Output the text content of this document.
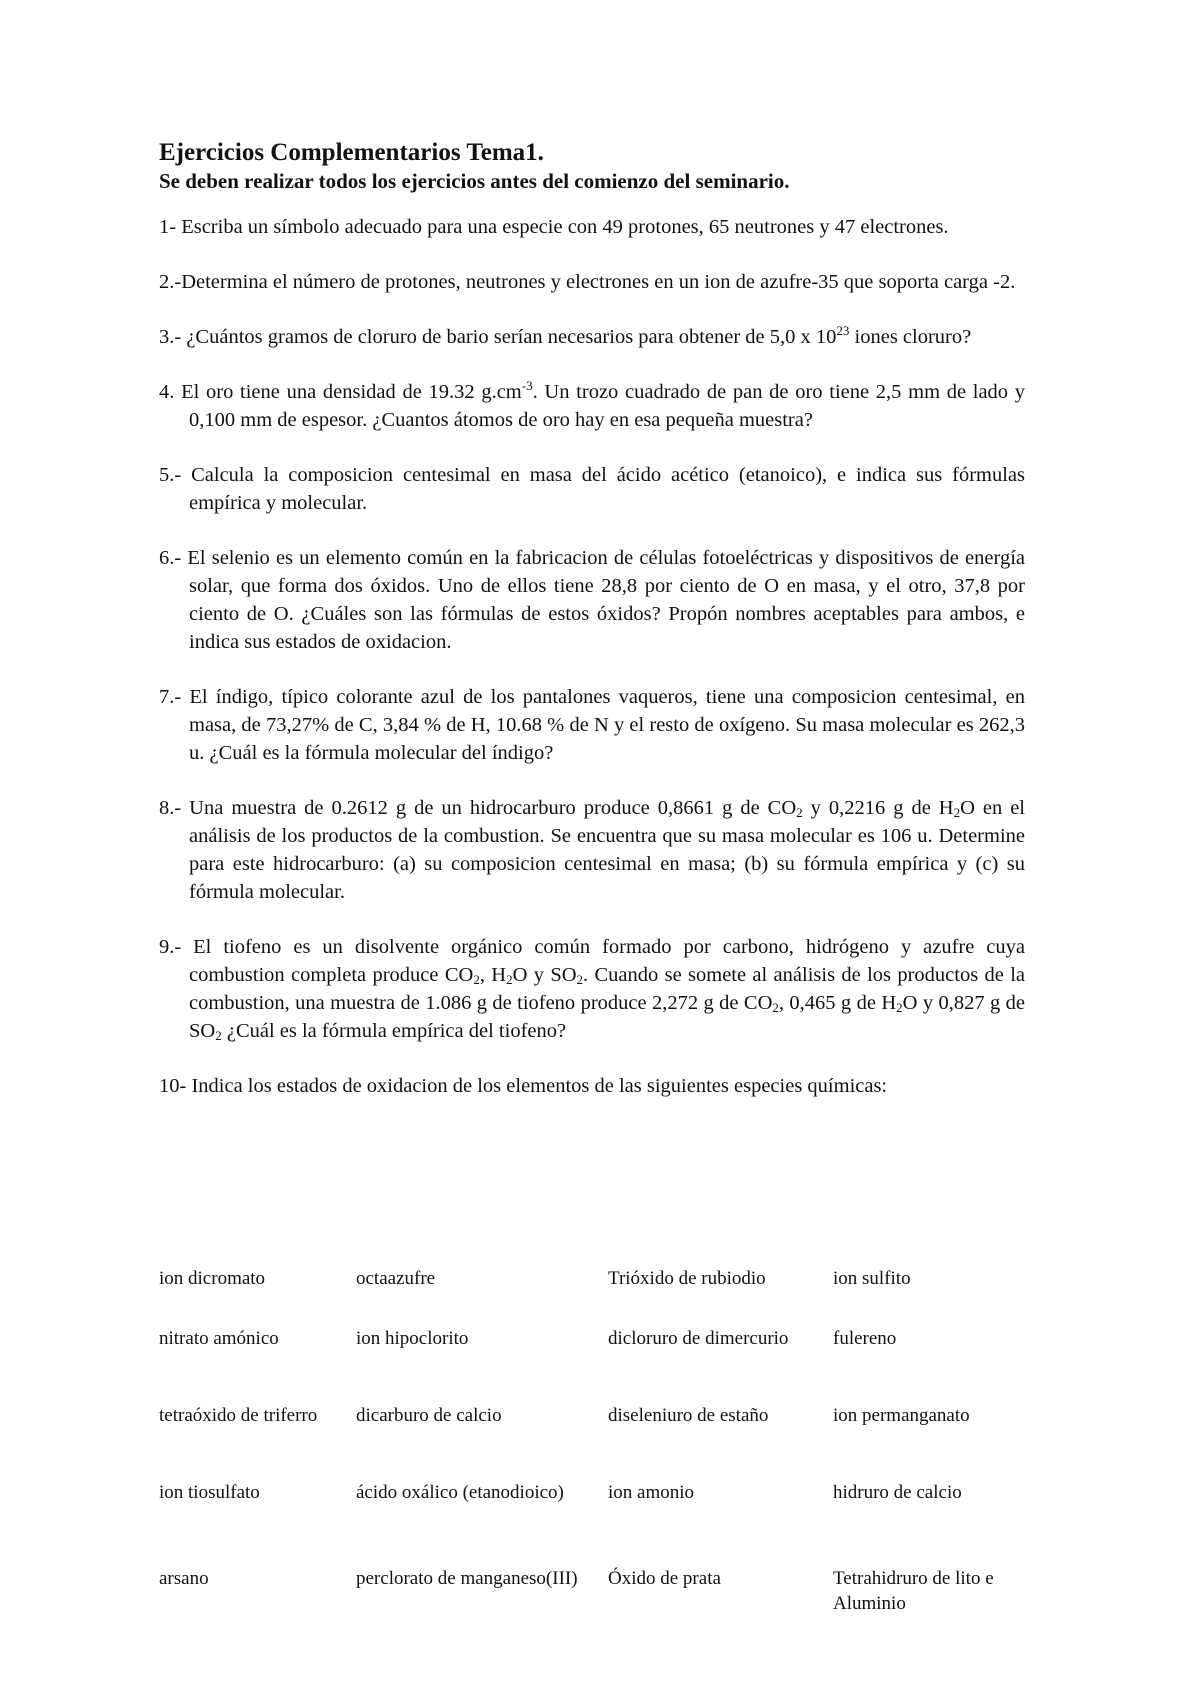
Ejercicios Complementarios Tema1.

Se deben realizar todos los ejercicios antes del comienzo del seminario.

1- Escriba un símbolo adecuado para una especie con 49 protones, 65 neutrones y 47 electrones.
2.-Determina el número de protones, neutrones y electrones en un ion de azufre-35 que soporta carga -2.
3.- ¿Cuántos gramos de cloruro de bario serían necesarios para obtener de 5,0 x $10^{23}$ iones cloruro?
4. El oro tiene una densidad de 19.32 $g.cm^{-3}$. Un trozo cuadrado de pan de oro tiene 2,5 mm de lado y 0,100 mm de espesor. ¿Cuantos átomos de oro hay en esa pequeña muestra?
5.- Calcula la composicion centesimal en masa del ácido acético (etanoico), e indica sus fórmulas empírica y molecular.
6.- El selenio es un elemento común en la fabricacion de células fotoeléctricas y dispositivos de energía solar, que forma dos óxidos. Uno de ellos tiene 28,8 por ciento de O en masa, y el otro, 37,8 por ciento de O. ¿Cuáles son las fórmulas de estos óxidos? Propón nombres aceptables para ambos, e indica sus estados de oxidacion.
7.- El índigo, típico colorante azul de los pantalones vaqueros, tiene una composicion centesimal, en masa, de 73,27% de C, 3,84 % de H, 10.68 % de N y el resto de oxígeno. Su masa molecular es 262,3 u. ¿Cuál es la fórmula molecular del índigo?
8.- Una muestra de 0.2612 g de un hidrocarburo produce 0,8661 g de $CO_2$ y 0,2216 g de $H_2O$ en el análisis de los productos de la combustion. Se encuentra que su masa molecular es 106 u. Determine para este hidrocarburo: (a) su composicion centesimal en masa; (b) su fórmula empírica y (c) su fórmula molecular.
9.- El tiofeno es un disolvente orgánico común formado por carbono, hidrógeno y azufre cuya combustion completa produce $CO_2$, $H_2O$ y $SO_2$. Cuando se somete al análisis de los productos de la combustion, una muestra de 1.086 g de tiofeno produce 2,272 g de $CO_2$, 0,465 g de $H_2O$ y 0,827 g de $SO_2$ ¿Cuál es la fórmula empírica del tiofeno?
10- Indica los estados de oxidacion de los elementos de las siguientes especies químicas:
ion dicromato	octaazufre	Trióxido de rubiodio	ion sulfito
nitrato amónico	ion hipoclorito	dicloruro de dimercurio	fulereno
tetraóxido de triferro	dicarburo de calcio	diseleniuro de estaño	ion permanganato
ion tiosulfato	ácido oxálico (etanodioico)	ion amonio	hidruro de calcio
arsano	perclorato de manganeso(III)	Óxido de prata	Tetrahidruro de lito e Aluminio
